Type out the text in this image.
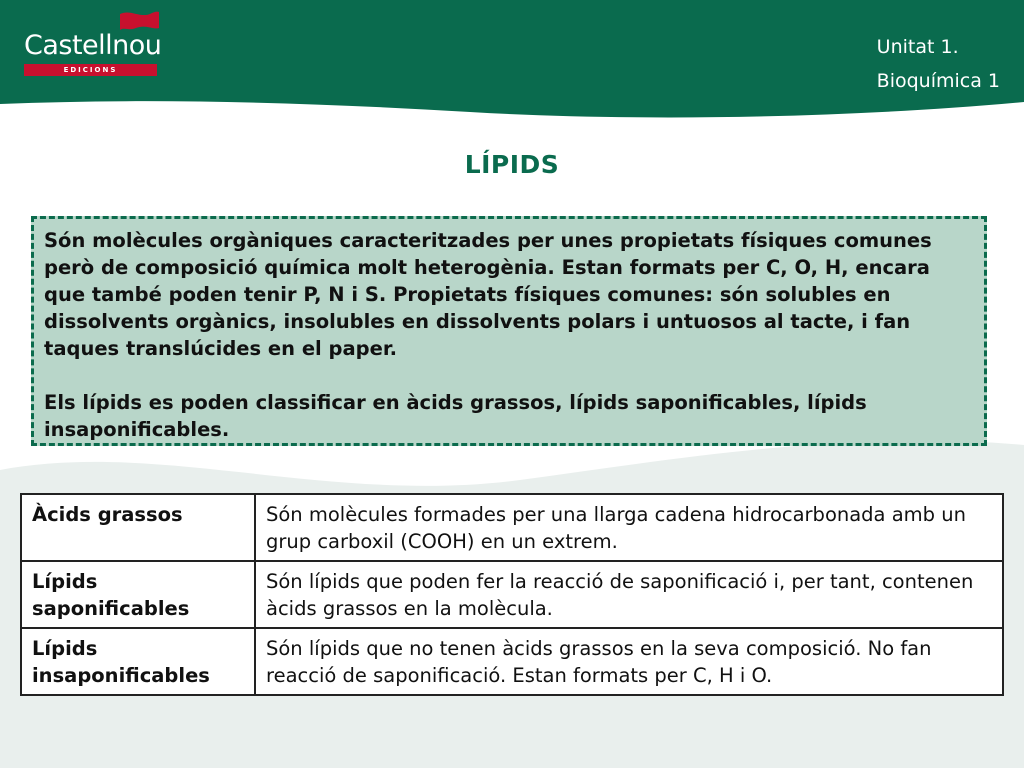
Castellnou
EDICIONS
Unitat 1.
Bioquímica 1
LÍPIDS

Són molècules orgàniques caracteritzades per unes propietats físiques comunes però de composició química molt heterogènia. Estan formats per C, O, H, encara que també poden tenir P, N i S. Propietats físiques comunes: són solubles en dissolvents orgànics, insolubles en dissolvents polars i untuosos al tacte, i fan taques translúcides en el paper.

Els lípids es poden classificar en àcids grassos, lípids saponificables, lípids insaponificables.

Àcids grassos	Són molècules formades per una llarga cadena hidrocarbonada amb un grup carboxil (COOH) en un extrem.
Lípids saponificables	Són lípids que poden fer la reacció de saponificació i, per tant, contenen àcids grassos en la molècula.
Lípids insaponificables	Són lípids que no tenen àcids grassos en la seva composició. No fan reacció de saponificació. Estan formats per C, H i O.
